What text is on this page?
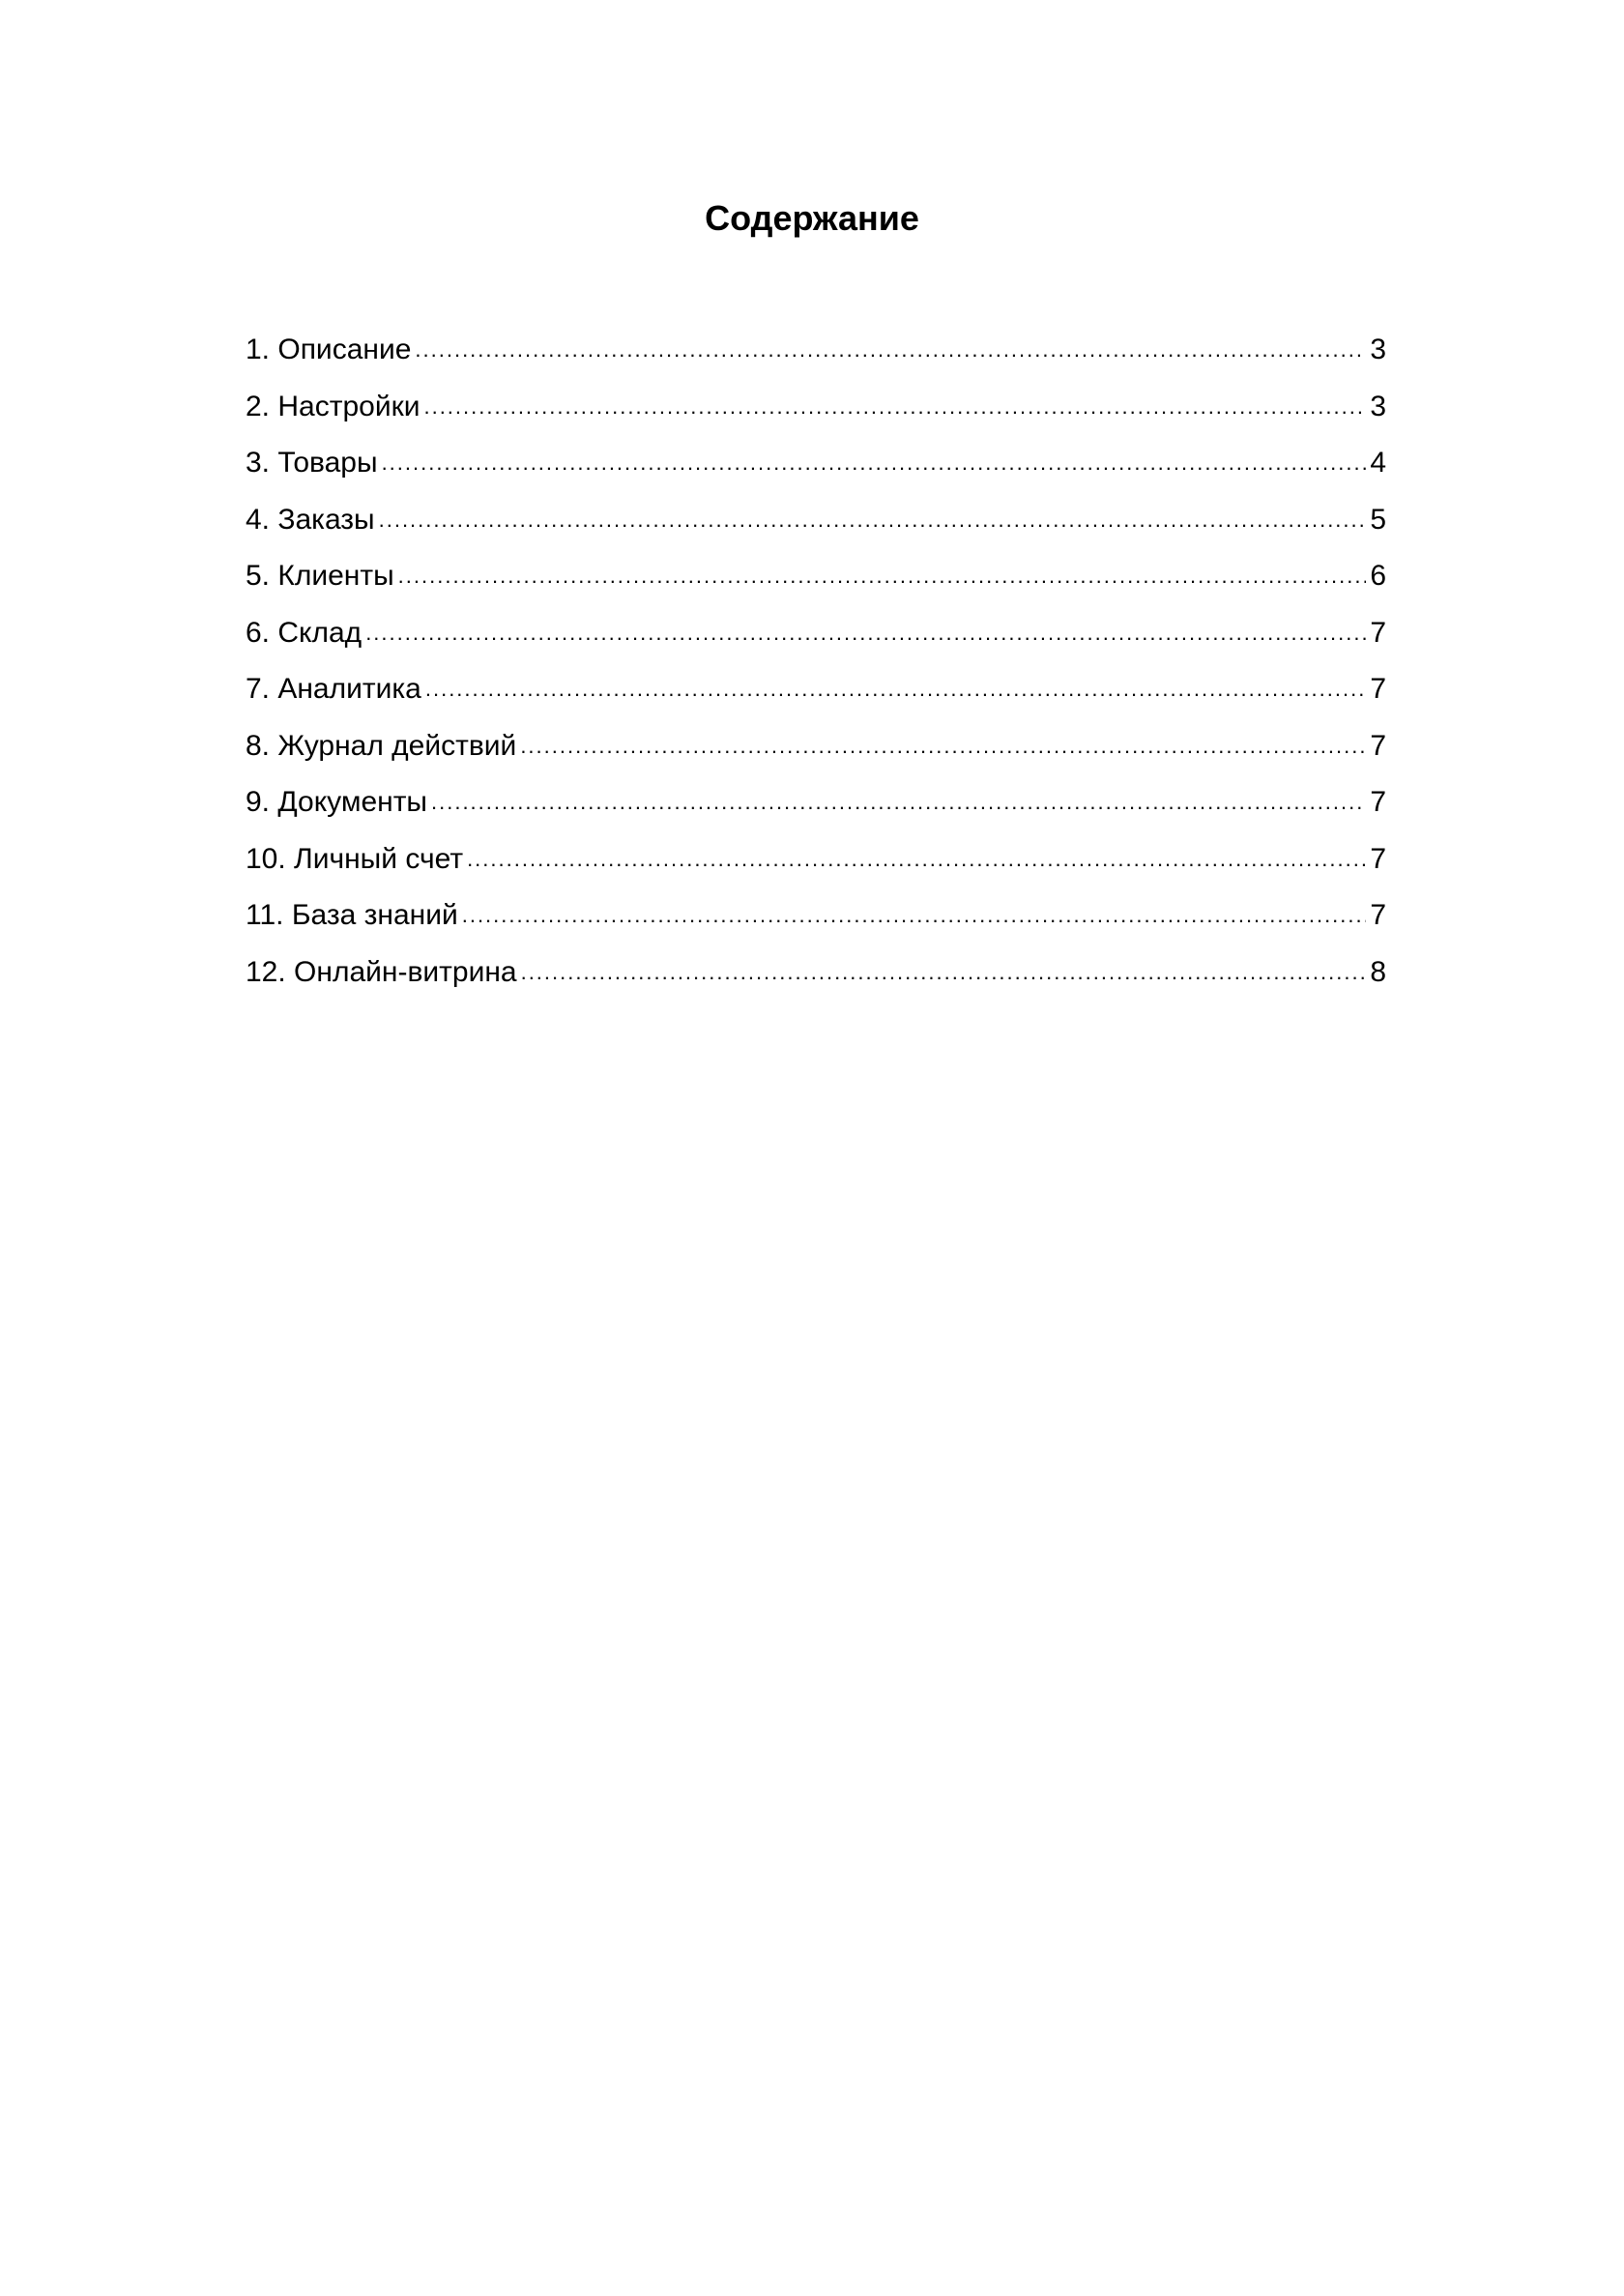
Содержание
1. Описание .....	3
2. Настройки .....	3
3. Товары .....	4
4. Заказы .....	5
5. Клиенты .....	6
6. Склад .....	7
7. Аналитика .....	7
8. Журнал действий .....	7
9. Документы .....	7
10. Личный счет .....	7
11. База знаний .....	7
12. Онлайн-витрина .....	8
